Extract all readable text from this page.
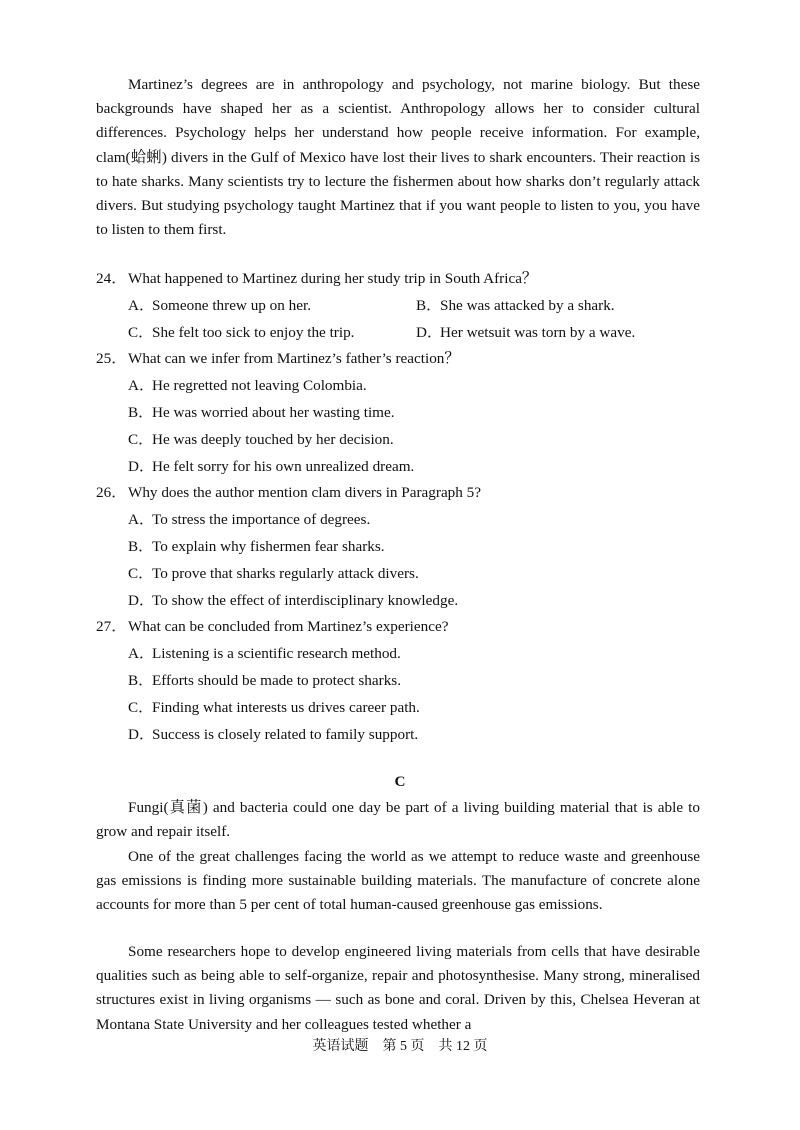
Martinez’s degrees are in anthropology and psychology, not marine biology. But these backgrounds have shaped her as a scientist. Anthropology allows her to consider cultural differences. Psychology helps her understand how people receive information. For example, clam(蛤蜊) divers in the Gulf of Mexico have lost their lives to shark encounters. Their reaction is to hate sharks. Many scientists try to lecture the fishermen about how sharks don’t regularly attack divers. But studying psychology taught Martinez that if you want people to listen to you, you have to listen to them first.

24． What happened to Martinez during her study trip in South Africa？
A．Someone threw up on her.	B．She was attacked by a shark.
C．She felt too sick to enjoy the trip.	D．Her wetsuit was torn by a wave.
25． What can we infer from Martinez’s father’s reaction？
A．He regretted not leaving Colombia.
B．He was worried about her wasting time.
C．He was deeply touched by her decision.
D．He felt sorry for his own unrealized dream.
26． Why does the author mention clam divers in Paragraph 5?
A．To stress the importance of degrees.
B．To explain why fishermen fear sharks.
C．To prove that sharks regularly attack divers.
D．To show the effect of interdisciplinary knowledge.
27． What can be concluded from Martinez’s experience?
A．Listening is a scientific research method.
B．Efforts should be made to protect sharks.
C．Finding what interests us drives career path.
D．Success is closely related to family support.
C

Fungi(真菌) and bacteria could one day be part of a living building material that is able to grow and repair itself.

One of the great challenges facing the world as we attempt to reduce waste and greenhouse gas emissions is finding more sustainable building materials. The manufacture of concrete alone accounts for more than 5 per cent of total human-caused greenhouse gas emissions.

Some researchers hope to develop engineered living materials from cells that have desirable qualities such as being able to self-organize, repair and photosynthesise. Many strong, mineralised structures exist in living organisms — such as bone and coral. Driven by this, Chelsea Heveran at Montana State University and her colleagues tested whether a

英语试题　第 5 页　共 12 页
